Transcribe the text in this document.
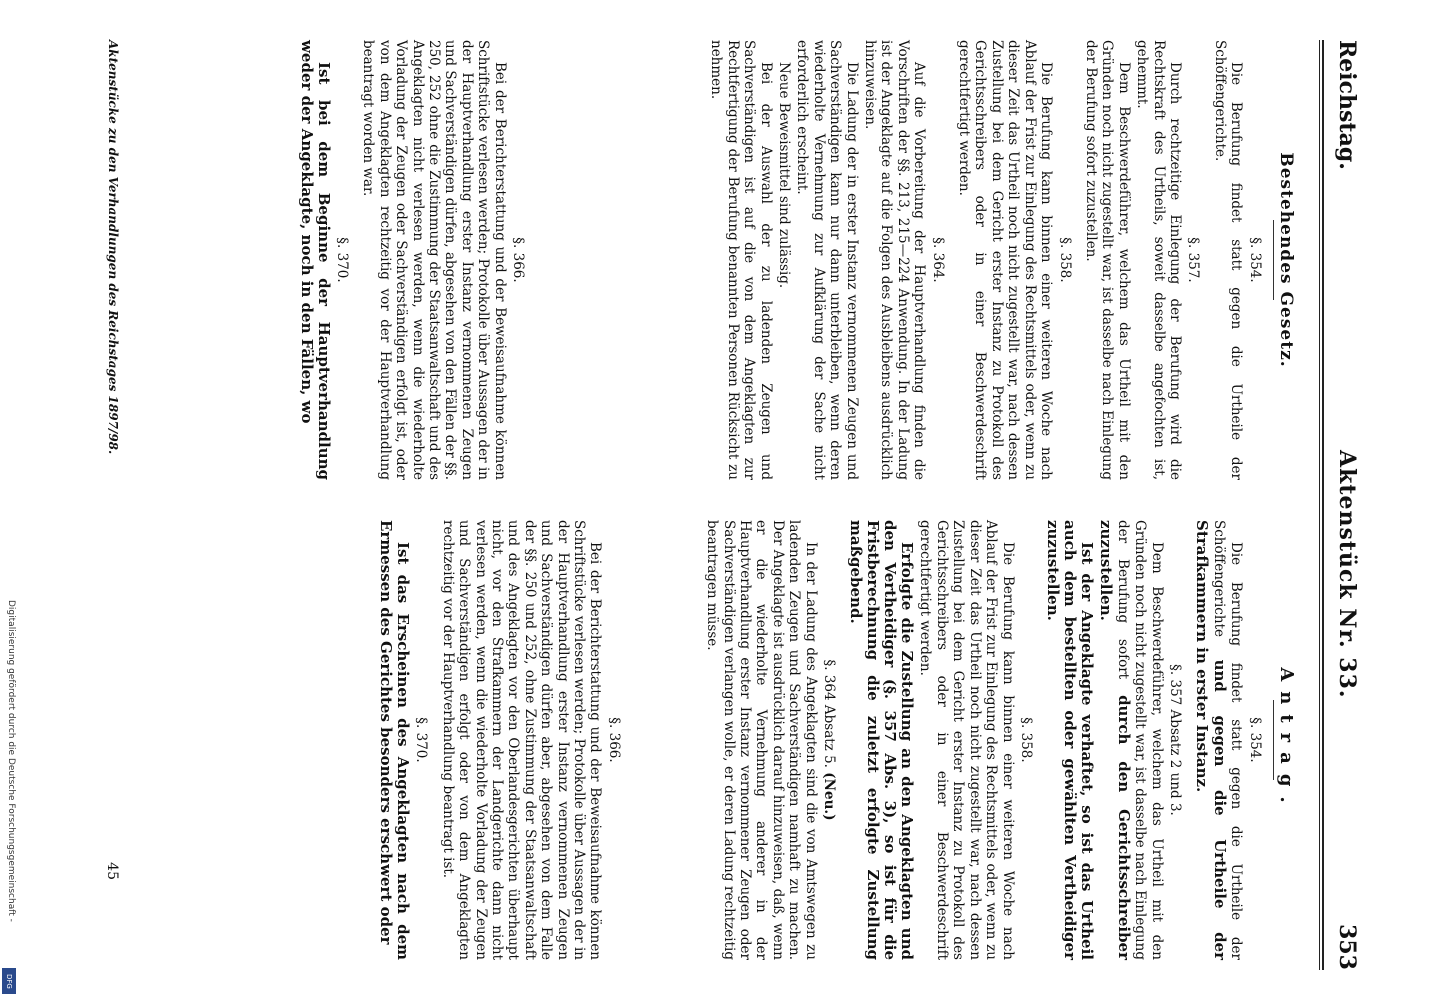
Digitalisierung gefördert durch die Deutsche Forschungsgemeinschaft -
DFG
Reichstag.
Aktenstück Nr. 33.
353
Bestehendes Gesetz.
§. 354.
Die Berufung findet statt gegen die Urtheile der Schöffengerichte.
§. 357.
Durch rechtzeitige Einlegung der Berufung wird die Rechtskraft des Urtheils, soweit dasselbe angefochten ist, gehemmt.
Dem Beschwerdeführer, welchem das Urtheil mit den Gründen noch nicht zugestellt war, ist dasselbe nach Einlegung der Berufung sofort zuzustellen.
§. 358.
Die Berufung kann binnen einer weiteren Woche nach Ablauf der Frist zur Einlegung des Rechtsmittels oder, wenn zu dieser Zeit das Urtheil noch nicht zugestellt war, nach dessen Zustellung bei dem Gericht erster Instanz zu Protokoll des Gerichtsschreibers oder in einer Beschwerdeschrift gerechtfertigt werden.
§. 364.
Auf die Vorbereitung der Hauptverhandlung finden die Vorschriften der §§. 213, 215—224 Anwendung. In der Ladung ist der Angeklagte auf die Folgen des Ausbleibens ausdrücklich hinzuweisen.
Die Ladung der in erster Instanz vernommenen Zeugen und Sachverständigen kann nur dann unterbleiben, wenn deren wiederholte Vernehmung zur Aufklärung der Sache nicht erforderlich erscheint.
Neue Beweismittel sind zulässig.
Bei der Auswahl der zu ladenden Zeugen und Sachverständigen ist auf die von dem Angeklagten zur Rechtfertigung der Berufung benannten Personen Rücksicht zu nehmen.
§. 366.
Bei der Berichterstattung und der Beweisaufnahme können Schriftstücke verlesen werden; Protokolle über Aussagen der in der Hauptverhandlung erster Instanz vernommenen Zeugen und Sachverständigen dürfen, abgesehen von den Fällen der §§. 250, 252 ohne die Zustimmung der Staatsanwaltschaft und des Angeklagten nicht verlesen werden, wenn die wiederholte Vorladung der Zeugen oder Sachverständigen erfolgt ist, oder von dem Angeklagten rechtzeitig vor der Hauptverhandlung beantragt worden war.
§. 370.
Ist bei dem Beginne der Hauptverhandlung weder der Angeklagte, noch in den Fällen, wo
Antrag.
§. 354.
Die Berufung findet statt gegen die Urtheile der Schöffengerichte und gegen die Urtheile der Strafkammern in erster Instanz.
§. 357 Absatz 2 und 3.
Dem Beschwerdeführer, welchem das Urtheil mit den Gründen noch nicht zugestellt war, ist dasselbe nach Einlegung der Berufung sofort durch den Gerichtsschreiber zuzustellen.
Ist der Angeklagte verhaftet, so ist das Urtheil auch dem bestellten oder gewählten Vertheidiger zuzustellen.
§. 358.
Die Berufung kann binnen einer weiteren Woche nach Ablauf der Frist zur Einlegung des Rechtsmittels oder, wenn zu dieser Zeit das Urtheil noch nicht zugestellt war, nach dessen Zustellung bei dem Gericht erster Instanz zu Protokoll des Gerichtsschreibers oder in einer Beschwerdeschrift gerechtfertigt werden.
Erfolgte die Zustellung an den Angeklagten und den Vertheidiger (§. 357 Abs. 3), so ist für die Fristberechnung die zuletzt erfolgte Zustellung maßgebend.
§. 364 Absatz 5. (Neu.)
In der Ladung des Angeklagten sind die von Amtswegen zu ladenden Zeugen und Sachverständigen namhaft zu machen. Der Angeklagte ist ausdrücklich darauf hinzuweisen, daß, wenn er die wiederholte Vernehmung anderer in der Hauptverhandlung erster Instanz vernommener Zeugen oder Sachverständigen verlangen wolle, er deren Ladung rechtzeitig beantragen müsse.
§. 366.
Bei der Berichterstattung und der Beweisaufnahme können Schriftstücke verlesen werden; Protokolle über Aussagen der in der Hauptverhandlung erster Instanz vernommenen Zeugen und Sachverständigen dürfen aber, abgesehen von dem Falle der §§. 250 und 252, ohne Zustimmung der Staatsanwaltschaft und des Angeklagten vor den Oberlandesgerichten überhaupt nicht, vor den Strafkammern der Landgerichte dann nicht verlesen werden, wenn die wiederholte Vorladung der Zeugen und Sachverständigen erfolgt oder von dem Angeklagten rechtzeitig vor der Hauptverhandlung beantragt ist.
§. 370.
Ist das Erscheinen des Angeklagten nach dem Ermessen des Gerichtes besonders erschwert oder
Aktenstücke zu den Verhandlungen des Reichstages 1897/98.
45
